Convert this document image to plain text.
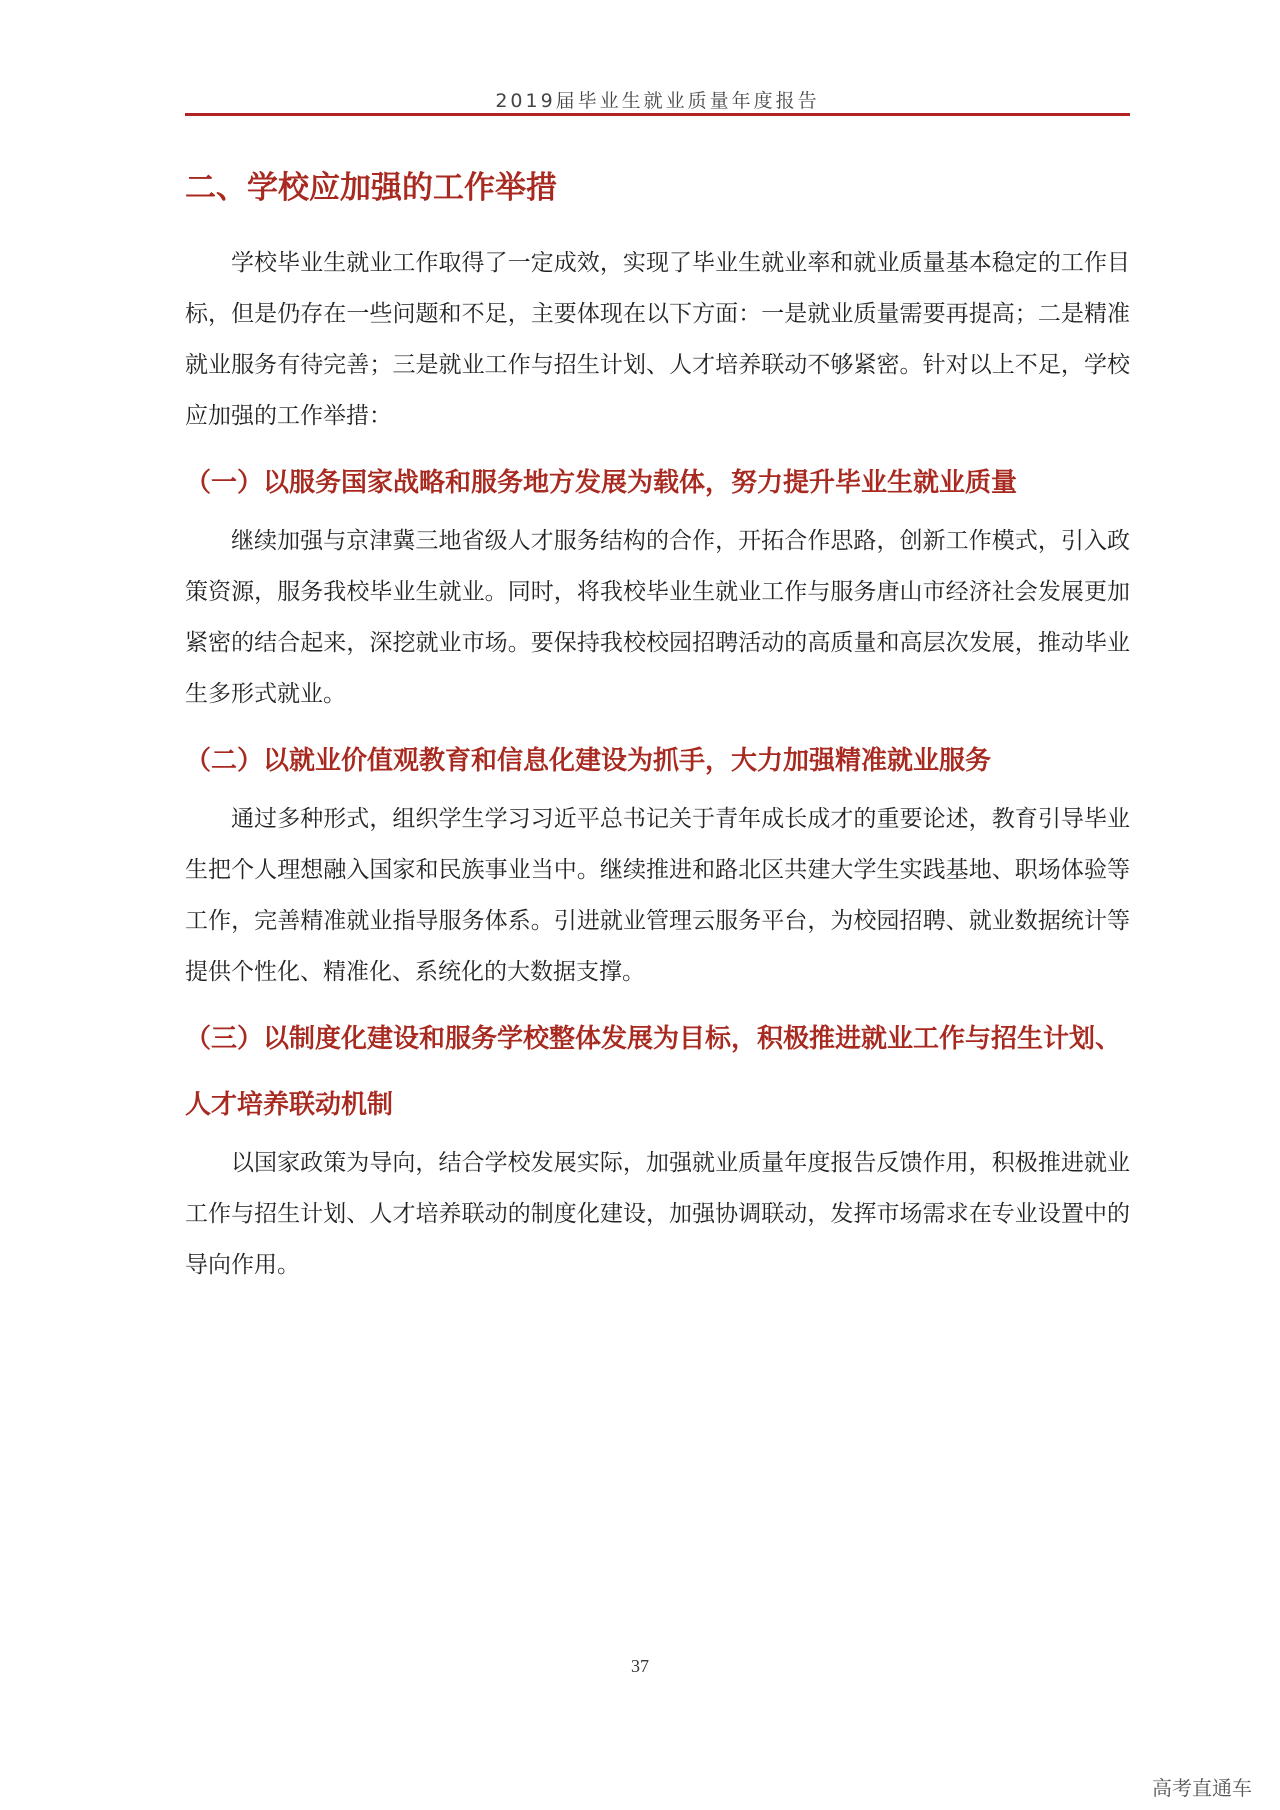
2019届毕业生就业质量年度报告
二、学校应加强的工作举措

学校毕业生就业工作取得了一定成效，实现了毕业生就业率和就业质量基本稳定的工作目标，但是仍存在一些问题和不足，主要体现在以下方面：一是就业质量需要再提高；二是精准就业服务有待完善；三是就业工作与招生计划、人才培养联动不够紧密。针对以上不足，学校应加强的工作举措：

（一）以服务国家战略和服务地方发展为载体，努力提升毕业生就业质量

继续加强与京津冀三地省级人才服务结构的合作，开拓合作思路，创新工作模式，引入政策资源，服务我校毕业生就业。同时，将我校毕业生就业工作与服务唐山市经济社会发展更加紧密的结合起来，深挖就业市场。要保持我校校园招聘活动的高质量和高层次发展，推动毕业生多形式就业。

（二）以就业价值观教育和信息化建设为抓手，大力加强精准就业服务

通过多种形式，组织学生学习习近平总书记关于青年成长成才的重要论述，教育引导毕业生把个人理想融入国家和民族事业当中。继续推进和路北区共建大学生实践基地、职场体验等工作，完善精准就业指导服务体系。引进就业管理云服务平台，为校园招聘、就业数据统计等提供个性化、精准化、系统化的大数据支撑。

（三）以制度化建设和服务学校整体发展为目标，积极推进就业工作与招生计划、人才培养联动机制

以国家政策为导向，结合学校发展实际，加强就业质量年度报告反馈作用，积极推进就业工作与招生计划、人才培养联动的制度化建设，加强协调联动，发挥市场需求在专业设置中的导向作用。

37
高考直通车
